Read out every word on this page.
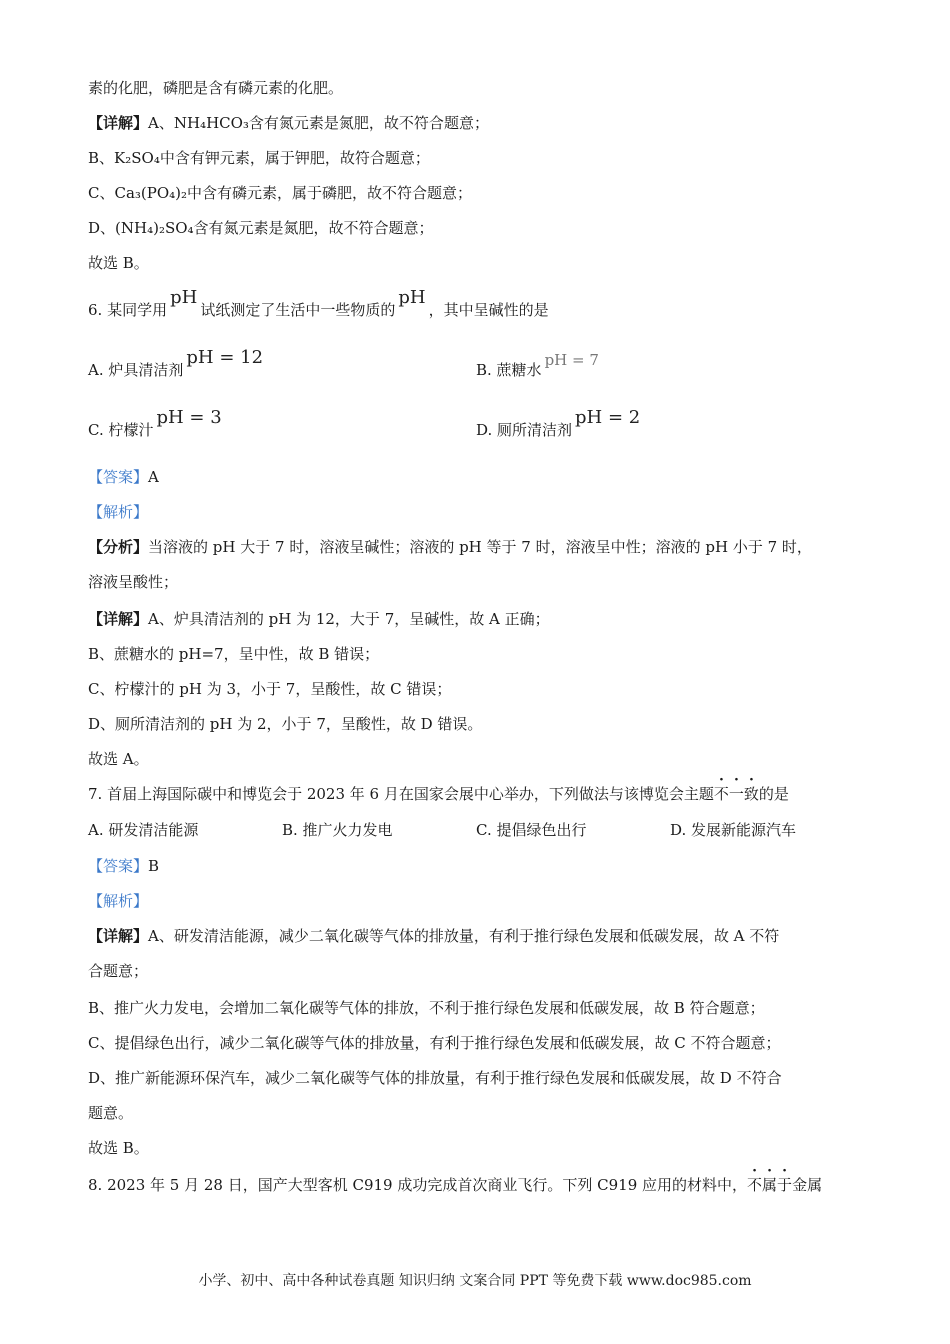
素的化肥，磷肥是含有磷元素的化肥。
【详解】A、NH₄HCO₃含有氮元素是氮肥，故不符合题意；
B、K₂SO₄中含有钾元素，属于钾肥，故符合题意；
C、Ca₃(PO₄)₂中含有磷元素，属于磷肥，故不符合题意；
D、(NH₄)₂SO₄含有氮元素是氮肥，故不符合题意；
故选 B。
6. 某同学用pH试纸测定了生活中一些物质的pH，其中呈碱性的是
A. 炉具清洁剂pH = 12
B. 蔗糖水pH = 7
C. 柠檬汁pH = 3
D. 厕所清洁剂pH = 2
【答案】A
【解析】
【分析】当溶液的 pH 大于 7 时，溶液呈碱性；溶液的 pH 等于 7 时，溶液呈中性；溶液的 pH 小于 7 时，
溶液呈酸性；
【详解】A、炉具清洁剂的 pH 为 12，大于 7，呈碱性，故 A 正确；
B、蔗糖水的 pH=7，呈中性，故 B 错误；
C、柠檬汁的 pH 为 3，小于 7，呈酸性，故 C 错误；
D、厕所清洁剂的 pH 为 2，小于 7，呈酸性，故 D 错误。
故选 A。
7. 首届上海国际碳中和博览会于 2023 年 6 月在国家会展中心举办，下列做法与该博览会主题不一致的是
A. 研发清洁能源	B. 推广火力发电	C. 提倡绿色出行	D. 发展新能源汽车
【答案】B
【解析】
【详解】A、研发清洁能源，减少二氧化碳等气体的排放量，有利于推行绿色发展和低碳发展，故 A 不符
合题意；
B、推广火力发电，会增加二氧化碳等气体的排放，不利于推行绿色发展和低碳发展，故 B 符合题意；
C、提倡绿色出行，减少二氧化碳等气体的排放量，有利于推行绿色发展和低碳发展，故 C 不符合题意；
D、推广新能源环保汽车，减少二氧化碳等气体的排放量，有利于推行绿色发展和低碳发展，故 D 不符合
题意。
故选 B。
8. 2023 年 5 月 28 日，国产大型客机 C919 成功完成首次商业飞行。下列 C919 应用的材料中，不属于金属
小学、初中、高中各种试卷真题 知识归纳 文案合同 PPT 等免费下载 www.doc985.com
